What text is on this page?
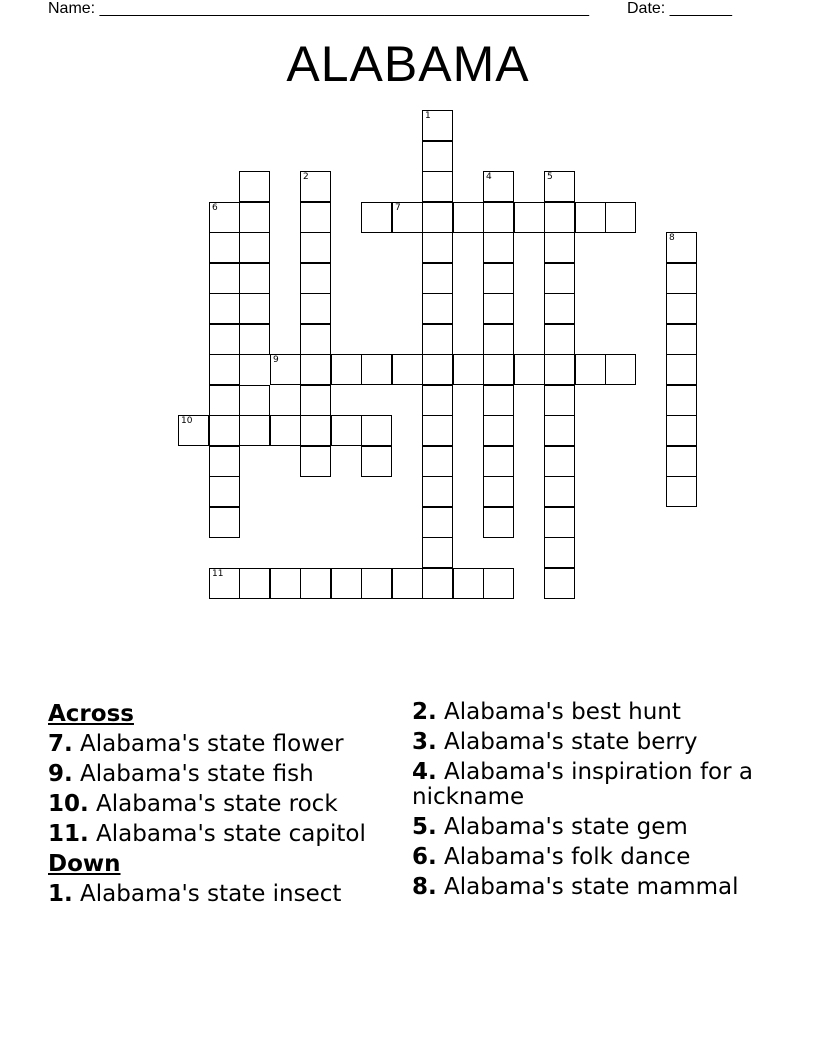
Name: _______________________________________________________ Date: _______
ALABAMA
1
5
2	4
6	7
8
9
10
11
Across
7. Alabama's state flower
9. Alabama's state fish
10. Alabama's state rock
11. Alabama's state capitol
Down
1. Alabama's state insect
2. Alabama's best hunt
3. Alabama's state berry
4. Alabama's inspiration for a nickname
5. Alabama's state gem
6. Alabama's folk dance
8. Alabama's state mammal
